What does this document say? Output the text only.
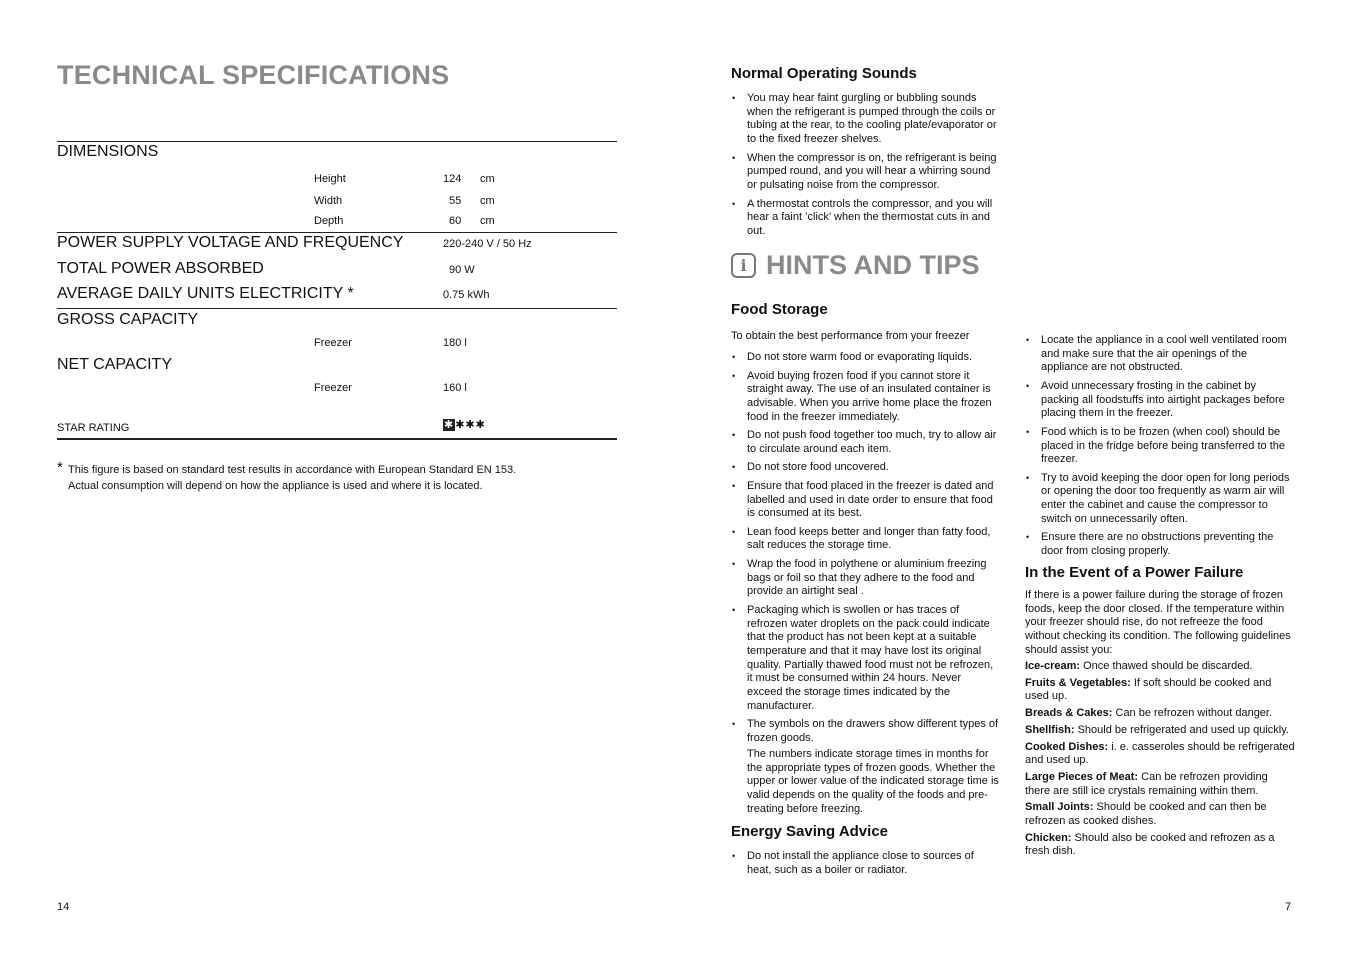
TECHNICAL SPECIFICATIONS
DIMENSIONS
Height	124 cm
Width	55 cm
Depth	60 cm
POWER SUPPLY VOLTAGE AND FREQUENCY	220-240 V / 50 Hz
TOTAL POWER ABSORBED	90 W
AVERAGE DAILY UNITS ELECTRICITY *	0.75 kWh
GROSS CAPACITY
Freezer	180 l
NET CAPACITY
Freezer	160 l
STAR RATING	✱✱✱✱
* This figure is based on standard test results in accordance with European Standard EN 153.
Actual consumption will depend on how the appliance is used and where it is located.
14
Normal Operating Sounds
• You may hear faint gurgling or bubbling sounds when the refrigerant is pumped through the coils or tubing at the rear, to the cooling plate/evaporator or to the fixed freezer shelves.
• When the compressor is on, the refrigerant is being pumped round, and you will hear a whirring sound or pulsating noise from the compressor.
• A thermostat controls the compressor, and you will hear a faint ’click’ when the thermostat cuts in and out.
i HINTS AND TIPS
Food Storage
To obtain the best performance from your freezer
• Do not store warm food or evaporating liquids.
• Avoid buying frozen food if you cannot store it straight away. The use of an insulated container is advisable. When you arrive home place the frozen food in the freezer immediately.
• Do not push food together too much, try to allow air to circulate around each item.
• Do not store food uncovered.
• Ensure that food placed in the freezer is dated and labelled and used in date order to ensure that food is consumed at its best.
• Lean food keeps better and longer than fatty food, salt reduces the storage time.
• Wrap the food in polythene or aluminium freezing bags or foil so that they adhere to the food and provide an airtight seal .
• Packaging which is swollen or has traces of refrozen water droplets on the pack could indicate that the product has not been kept at a suitable temperature and that it may have lost its original quality. Partially thawed food must not be refrozen, it must be consumed within 24 hours. Never exceed the storage times indicated by the manufacturer.
• The symbols on the drawers show different types of frozen goods.
The numbers indicate storage times in months for the appropriate types of frozen goods. Whether the upper or lower value of the indicated storage time is valid depends on the quality of the foods and pre-treating before freezing.
Energy Saving Advice
• Do not install the appliance close to sources of heat, such as a boiler or radiator.
• Locate the appliance in a cool well ventilated room and make sure that the air openings of the appliance are not obstructed.
• Avoid unnecessary frosting in the cabinet by packing all foodstuffs into airtight packages before placing them in the freezer.
• Food which is to be frozen (when cool) should be placed in the fridge before being transferred to the freezer.
• Try to avoid keeping the door open for long periods or opening the door too frequently as warm air will enter the cabinet and cause the compressor to switch on unnecessarily often.
• Ensure there are no obstructions preventing the door from closing properly.
In the Event of a Power Failure
If there is a power failure during the storage of frozen foods, keep the door closed. If the temperature within your freezer should rise, do not refreeze the food without checking its condition. The following guidelines should assist you:
Ice-cream: Once thawed should be discarded.
Fruits & Vegetables: If soft should be cooked and used up.
Breads & Cakes: Can be refrozen without danger.
Shellfish: Should be refrigerated and used up quickly.
Cooked Dishes: i. e. casseroles should be refrigerated and used up.
Large Pieces of Meat: Can be refrozen providing there are still ice crystals remaining within them.
Small Joints: Should be cooked and can then be refrozen as cooked dishes.
Chicken: Should also be cooked and refrozen as a fresh dish.
7
